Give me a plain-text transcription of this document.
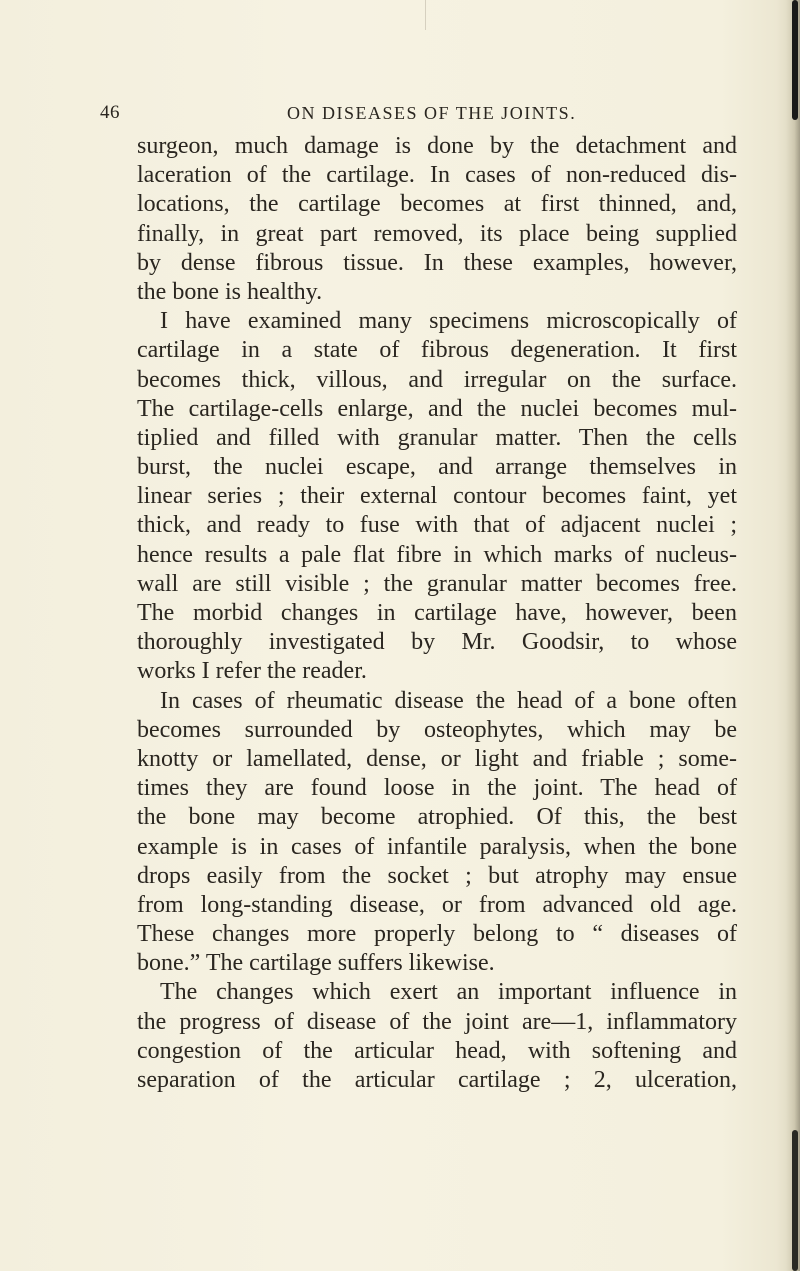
46	ON DISEASES OF THE JOINTS.
surgeon, much damage is done by the detachment and
laceration of the cartilage. In cases of non-reduced dis-
locations, the cartilage becomes at first thinned, and,
finally, in great part removed, its place being supplied
by dense fibrous tissue. In these examples, however,
the bone is healthy.
I have examined many specimens microscopically of
cartilage in a state of fibrous degeneration. It first
becomes thick, villous, and irregular on the surface.
The cartilage-cells enlarge, and the nuclei becomes mul-
tiplied and filled with granular matter. Then the cells
burst, the nuclei escape, and arrange themselves in
linear series ; their external contour becomes faint, yet
thick, and ready to fuse with that of adjacent nuclei ;
hence results a pale flat fibre in which marks of nucleus-
wall are still visible ; the granular matter becomes free.
The morbid changes in cartilage have, however, been
thoroughly investigated by Mr. Goodsir, to whose
works I refer the reader.
In cases of rheumatic disease the head of a bone often
becomes surrounded by osteophytes, which may be
knotty or lamellated, dense, or light and friable ; some-
times they are found loose in the joint. The head of
the bone may become atrophied. Of this, the best
example is in cases of infantile paralysis, when the bone
drops easily from the socket ; but atrophy may ensue
from long-standing disease, or from advanced old age.
These changes more properly belong to “ diseases of
bone.” The cartilage suffers likewise.
The changes which exert an important influence in
the progress of disease of the joint are—1, inflammatory
congestion of the articular head, with softening and
separation of the articular cartilage ; 2, ulceration,
